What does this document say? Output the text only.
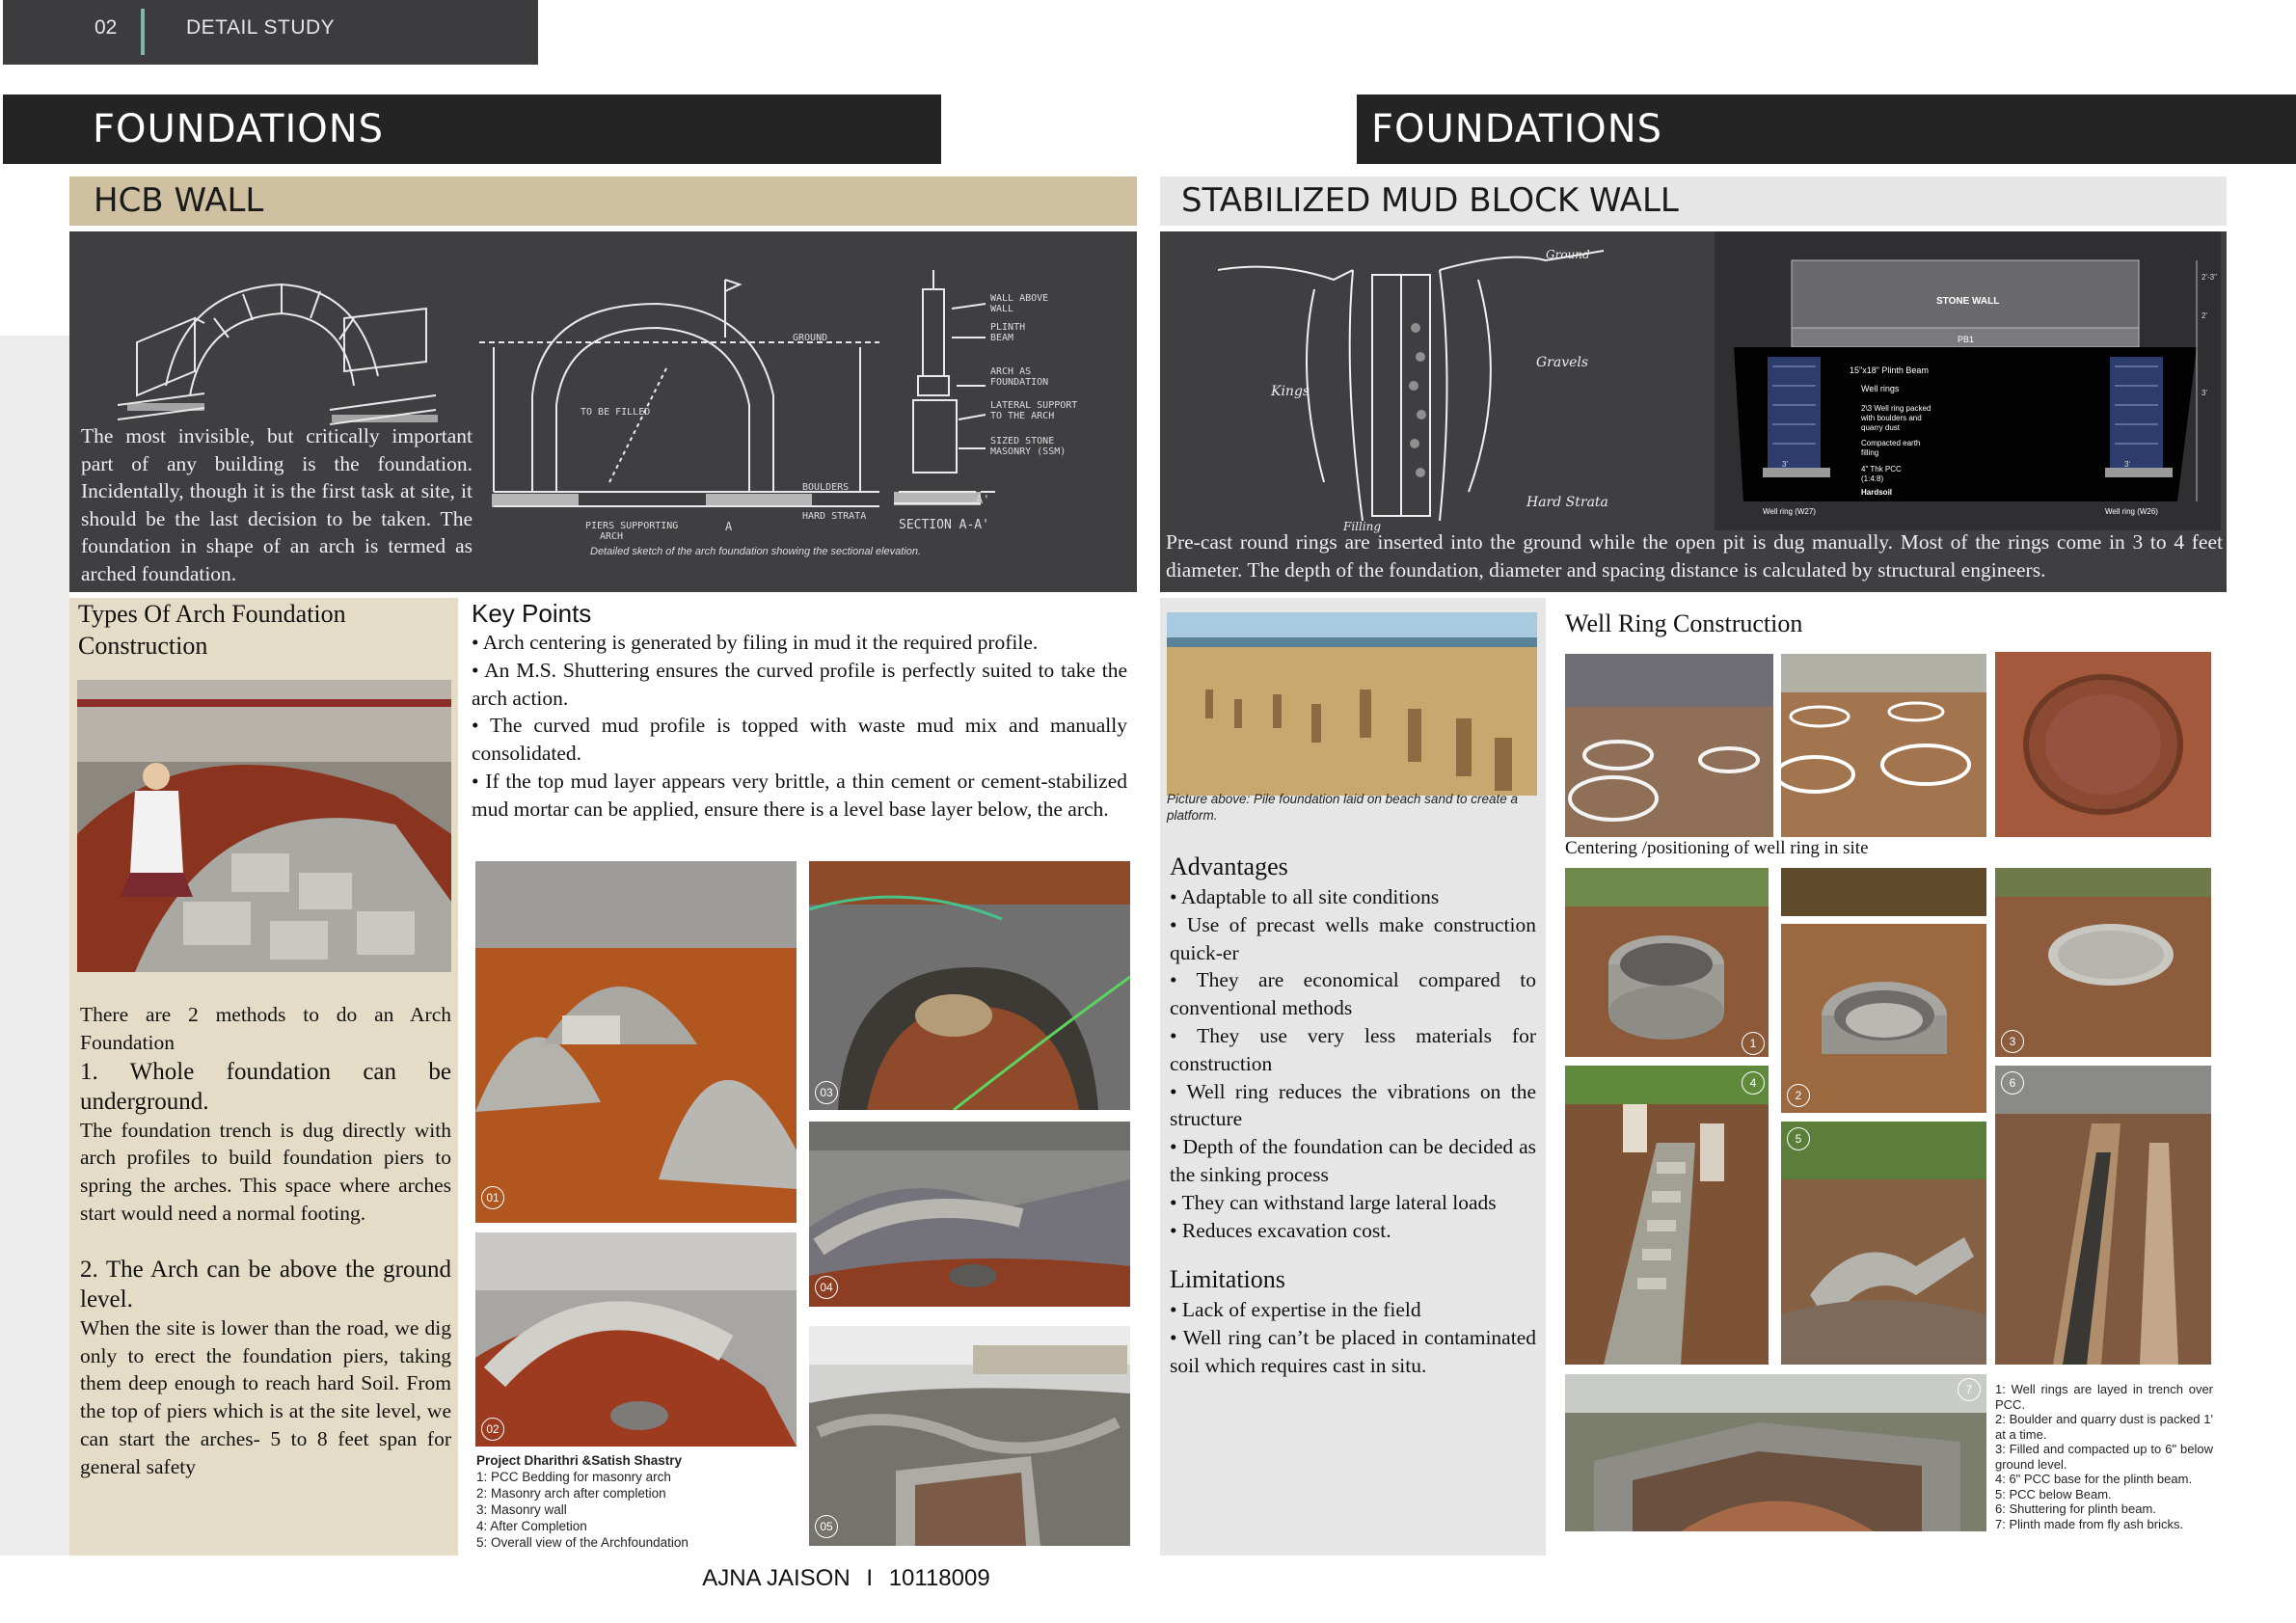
02	DETAIL STUDY
FOUNDATIONS
HCB WALL
TO BE FILLED
GROUND
PIERS SUPPORTING
ARCH
BOULDERS
HARD STRATA
A
WALL ABOVE
WALL
PLINTH
BEAM
ARCH AS
FOUNDATION
LATERAL SUPPORT
TO THE ARCH
SIZED STONE
MASONRY (SSM)
SECTION A-A'
A'
The most invisible, but critically important part of any building is the foundation. Incidentally, though it is the first task at site, it should be the last decision to be taken. The foundation in shape of an arch is termed as arched foundation.
Detailed sketch of the arch foundation showing the sectional elevation.
Types Of Arch Foundation Construction
There are 2 methods to do an Arch Foundation
1. Whole foundation can be underground.
The foundation trench is dug directly with arch profiles to build foundation piers to spring the arches. This space where arches start would need a normal footing.
2. The Arch can be above the ground level.
When the site is lower than the road, we dig only to erect the foundation piers, taking them deep enough to reach hard Soil. From the top of piers which is at the site level, we can start the arches- 5 to 8 feet span for general safety
Key Points
• Arch centering is generated by filing in mud it the required profile.
• An M.S. Shuttering ensures the curved profile is perfectly suited to take the arch action.
• The curved mud profile is topped with waste mud mix and manually consolidated.
• If the top mud layer appears very brittle, a thin cement or cement-stabilized mud mortar can be applied, ensure there is a level base layer below, the arch.
01
02
03
04
05
Project Dharithri &Satish Shastry
1: PCC Bedding for masonry arch
2: Masonry arch after completion
3: Masonry wall
4: After Completion
5: Overall view of the Archfoundation
FOUNDATIONS
STABILIZED MUD BLOCK WALL
Ground
Gravels
Kings
Hard Strata
Filling
STONE WALL
PB1
15"x18" Plinth Beam
Well rings
2\3 Well ring packed
with boulders and
quarry dust
Compacted earth
filling
4" Thk PCC
(1:4:8)
Hardsoil
Well ring (W27)	Well ring (W26)
2'-3"
2'
3'
3'	3'
Pre-cast round rings are inserted into the ground while the open pit is dug manually. Most of the rings come in 3 to 4 feet diameter. The depth of the foundation, diameter and spacing distance is calculated by structural engineers.
Picture above: Pile foundation laid on beach sand to create a platform.
Advantages
• Adaptable to all site conditions
• Use of precast wells make construction quick-er
• They are economical compared to conventional methods
• They use very less materials for construction
• Well ring reduces the vibrations on the structure
• Depth of the foundation can be decided as the sinking process
• They can withstand large lateral loads
• Reduces excavation cost.
Limitations
• Lack of expertise in the field
• Well ring can’t be placed in contaminated soil which requires cast in situ.
Well Ring Construction
Centering /positioning of well ring in site
1
2
3
4
5
6
7	1: Well rings are layed in trench over PCC.
2: Boulder and quarry dust is packed 1' at a time.
3: Filled and compacted up to 6" below ground level.
4: 6" PCC base for the plinth beam.
5: PCC below Beam.
6: Shuttering for plinth beam.
7: Plinth made from fly ash bricks.
AJNA JAISON I 10118009
